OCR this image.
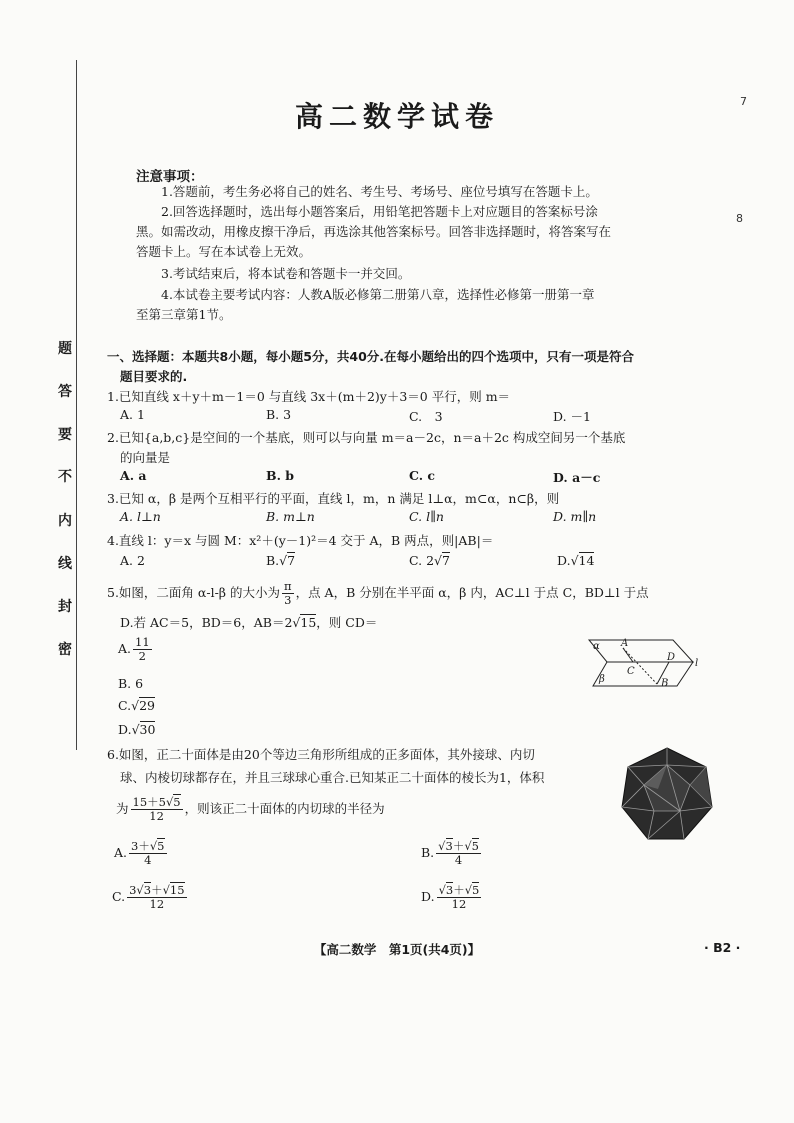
题
答
要
不
内
线
封
密
7
8
高二数学试卷
注意事项：
1.答题前，考生务必将自己的姓名、考生号、考场号、座位号填写在答题卡上。
2.回答选择题时，选出每小题答案后，用铅笔把答题卡上对应题目的答案标号涂
黑。如需改动，用橡皮擦干净后，再选涂其他答案标号。回答非选择题时，将答案写在
答题卡上。写在本试卷上无效。
3.考试结束后，将本试卷和答题卡一并交回。
4.本试卷主要考试内容：人教A版必修第二册第八章，选择性必修第一册第一章
至第三章第1节。
一、选择题：本题共8小题，每小题5分，共40分.在每小题给出的四个选项中，只有一项是符合
题目要求的.
1.已知直线 x＋y＋m－1＝0 与直线 3x＋(m＋2)y＋3＝0 平行，则 m＝
A. 1	B. 3	C.　3	D. －1
2.已知{a,b,c}是空间的一个基底，则可以与向量 m＝a－2c，n＝a＋2c 构成空间另一个基底
的向量是
A. a	B. b	C. c	D. a－c
3.已知 α，β 是两个互相平行的平面，直线 l，m，n 满足 l⊥α，m⊂α，n⊂β，则
A. l⊥n	B. m⊥n	C. l∥n	D. m∥n
4.直线 l：y＝x 与圆 M：x²＋(y－1)²＝4 交于 A，B 两点，则|AB|＝
A. 2	B.√7	C. 2√7	D.√14
5.如图，二面角 α-l-β 的大小为 $\frac{\pi}{3}$ ，点 A，B 分别在半平面 α，β 内，AC⊥l 于点 C，BD⊥l 于点
D.若 AC＝5，BD＝6，AB＝2√15，则 CD＝
A. $\frac{11}{2}$
B. 6
C.√29
D.√30
α A
D
l
C
β	B
6.如图，正二十面体是由20个等边三角形所组成的正多面体，其外接球、内切
球、内棱切球都存在，并且三球球心重合.已知某正二十面体的棱长为1，体积
为 $\frac{15+5√5}{12}$ ，则该正二十面体的内切球的半径为
A. $\frac{3+√5}{4}$	B. $\frac{√3+√5}{4}$
C. $\frac{3√3+√15}{12}$	D. $\frac{√3+√5}{12}$
【高二数学　第1页(共4页)】	· B2 ·
